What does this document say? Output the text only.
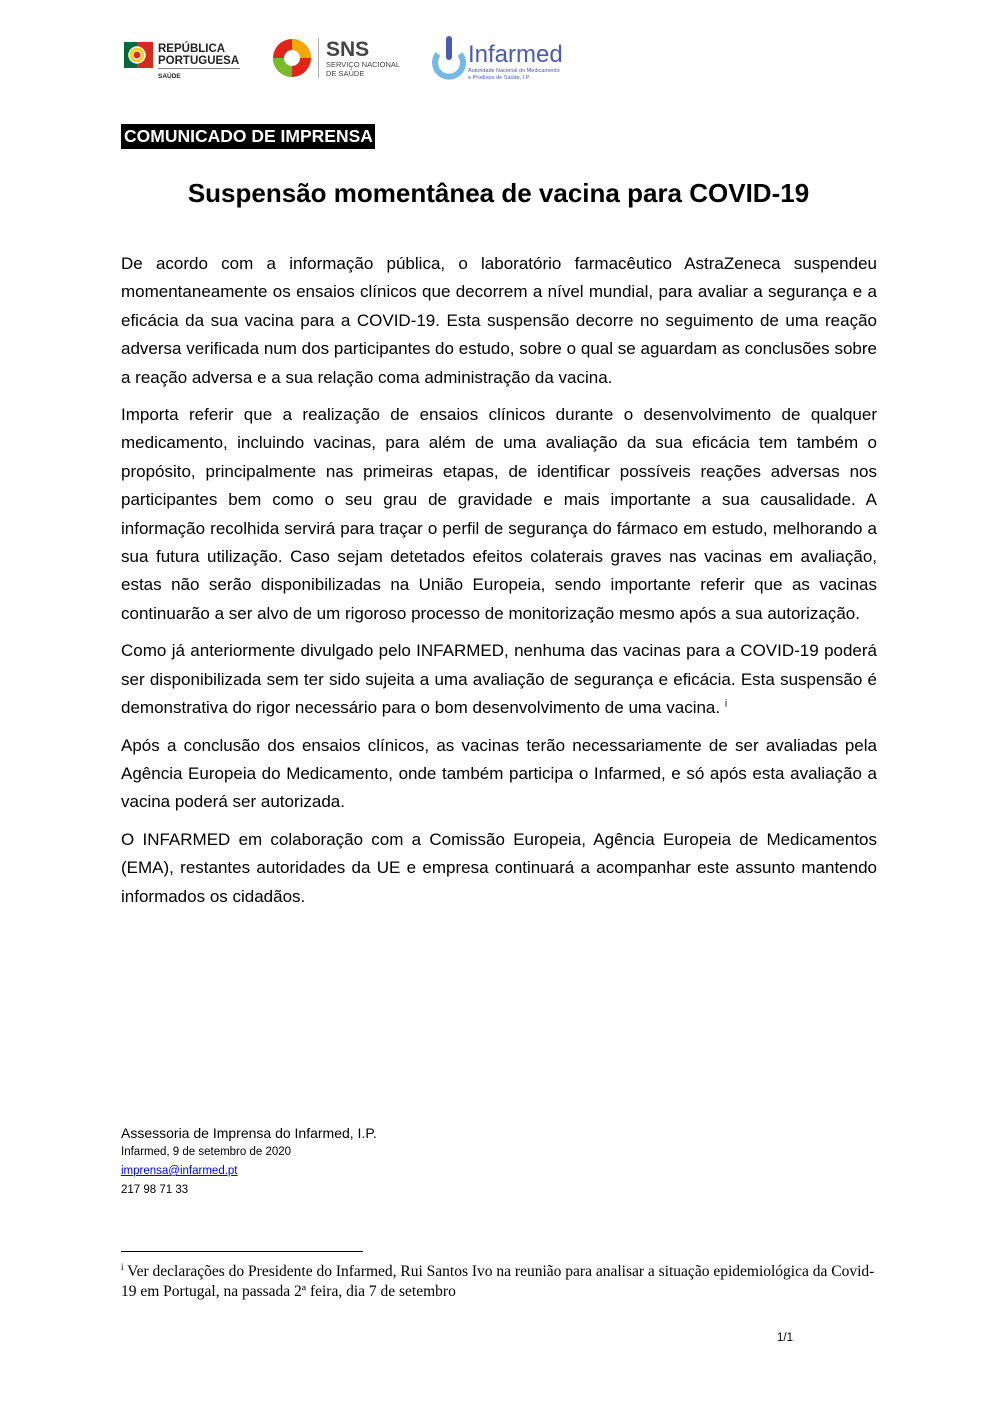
REPÚBLICA
PORTUGUESA
SAÚDE
SNS
SERVIÇO NACIONAL
DE SAÚDE
Infarmed
Autoridade Nacional do Medicamento
e Produtos de Saúde, I.P.
COMUNICADO DE IMPRENSA
Suspensão momentânea de vacina para COVID-19

De acordo com a informação pública, o laboratório farmacêutico AstraZeneca suspendeu momentaneamente os ensaios clínicos que decorrem a nível mundial, para avaliar a segurança e a eficácia da sua vacina para a COVID-19. Esta suspensão decorre no seguimento de uma reação adversa verificada num dos participantes do estudo, sobre o qual se aguardam as conclusões sobre a reação adversa e a sua relação coma administração da vacina.

Importa referir que a realização de ensaios clínicos durante o desenvolvimento de qualquer medicamento, incluindo vacinas, para além de uma avaliação da sua eficácia tem também o propósito, principalmente nas primeiras etapas, de identificar possíveis reações adversas nos participantes bem como o seu grau de gravidade e mais importante a sua causalidade. A informação recolhida servirá para traçar o perfil de segurança do fármaco em estudo, melhorando a sua futura utilização. Caso sejam detetados efeitos colaterais graves nas vacinas em avaliação, estas não serão disponibilizadas na União Europeia, sendo importante referir que as vacinas continuarão a ser alvo de um rigoroso processo de monitorização mesmo após a sua autorização.

Como já anteriormente divulgado pelo INFARMED, nenhuma das vacinas para a COVID-19 poderá ser disponibilizada sem ter sido sujeita a uma avaliação de segurança e eficácia. Esta suspensão é demonstrativa do rigor necessário para o bom desenvolvimento de uma vacina. $^i$

Após a conclusão dos ensaios clínicos, as vacinas terão necessariamente de ser avaliadas pela Agência Europeia do Medicamento, onde também participa o Infarmed, e só após esta avaliação a vacina poderá ser autorizada.

O INFARMED em colaboração com a Comissão Europeia, Agência Europeia de Medicamentos (EMA), restantes autoridades da UE e empresa continuará a acompanhar este assunto mantendo informados os cidadãos.

Assessoria de Imprensa do Infarmed, I.P.
Infarmed, 9 de setembro de 2020
imprensa@infarmed.pt
217 98 71 33
$^i$ Ver declarações do Presidente do Infarmed, Rui Santos Ivo na reunião para analisar a situação epidemiológica da Covid-19 em Portugal, na passada 2ª feira, dia 7 de setembro
1/1
